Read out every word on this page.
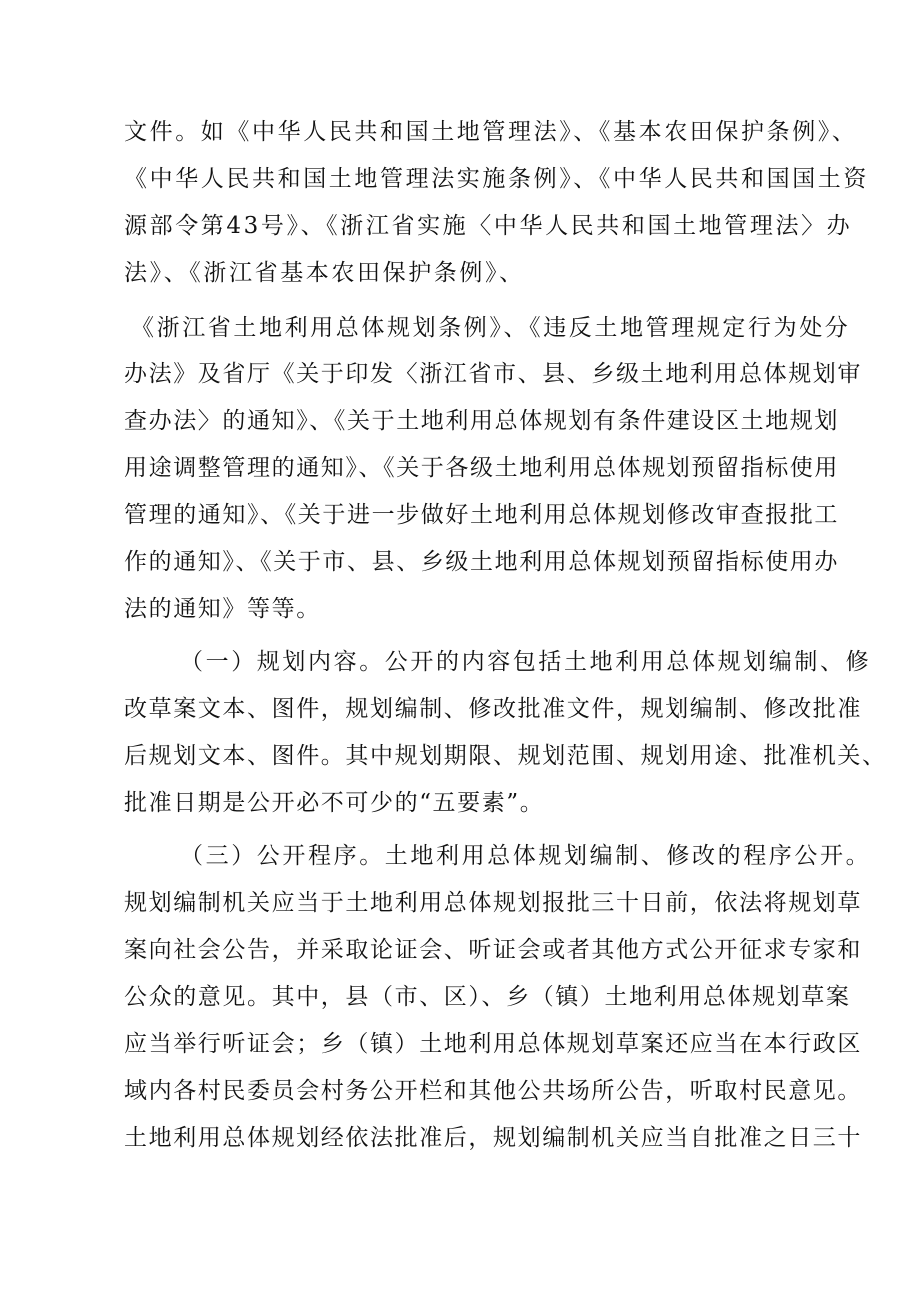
文件。如《中华人民共和国土地管理法》、《基本农田保护条例》、
《中华人民共和国土地管理法实施条例》、《中华人民共和国国土资
源部令第43号》、《浙江省实施〈中华人民共和国土地管理法〉办
法》、《浙江省基本农田保护条例》、
《浙江省土地利用总体规划条例》、《违反土地管理规定行为处分
办法》及省厅《关于印发〈浙江省市、县、乡级土地利用总体规划审
查办法〉的通知》、《关于土地利用总体规划有条件建设区土地规划
用途调整管理的通知》、《关于各级土地利用总体规划预留指标使用
管理的通知》、《关于进一步做好土地利用总体规划修改审查报批工
作的通知》、《关于市、县、乡级土地利用总体规划预留指标使用办
法的通知》等等。
（一）规划内容。公开的内容包括土地利用总体规划编制、修
改草案文本、图件，规划编制、修改批准文件，规划编制、修改批准
后规划文本、图件。其中规划期限、规划范围、规划用途、批准机关、
批准日期是公开必不可少的“五要素”。
（三）公开程序。土地利用总体规划编制、修改的程序公开。
规划编制机关应当于土地利用总体规划报批三十日前，依法将规划草
案向社会公告，并采取论证会、听证会或者其他方式公开征求专家和
公众的意见。其中，县（市、区）、乡（镇）土地利用总体规划草案
应当举行听证会；乡（镇）土地利用总体规划草案还应当在本行政区
域内各村民委员会村务公开栏和其他公共场所公告，听取村民意见。
土地利用总体规划经依法批准后，规划编制机关应当自批准之日三十
